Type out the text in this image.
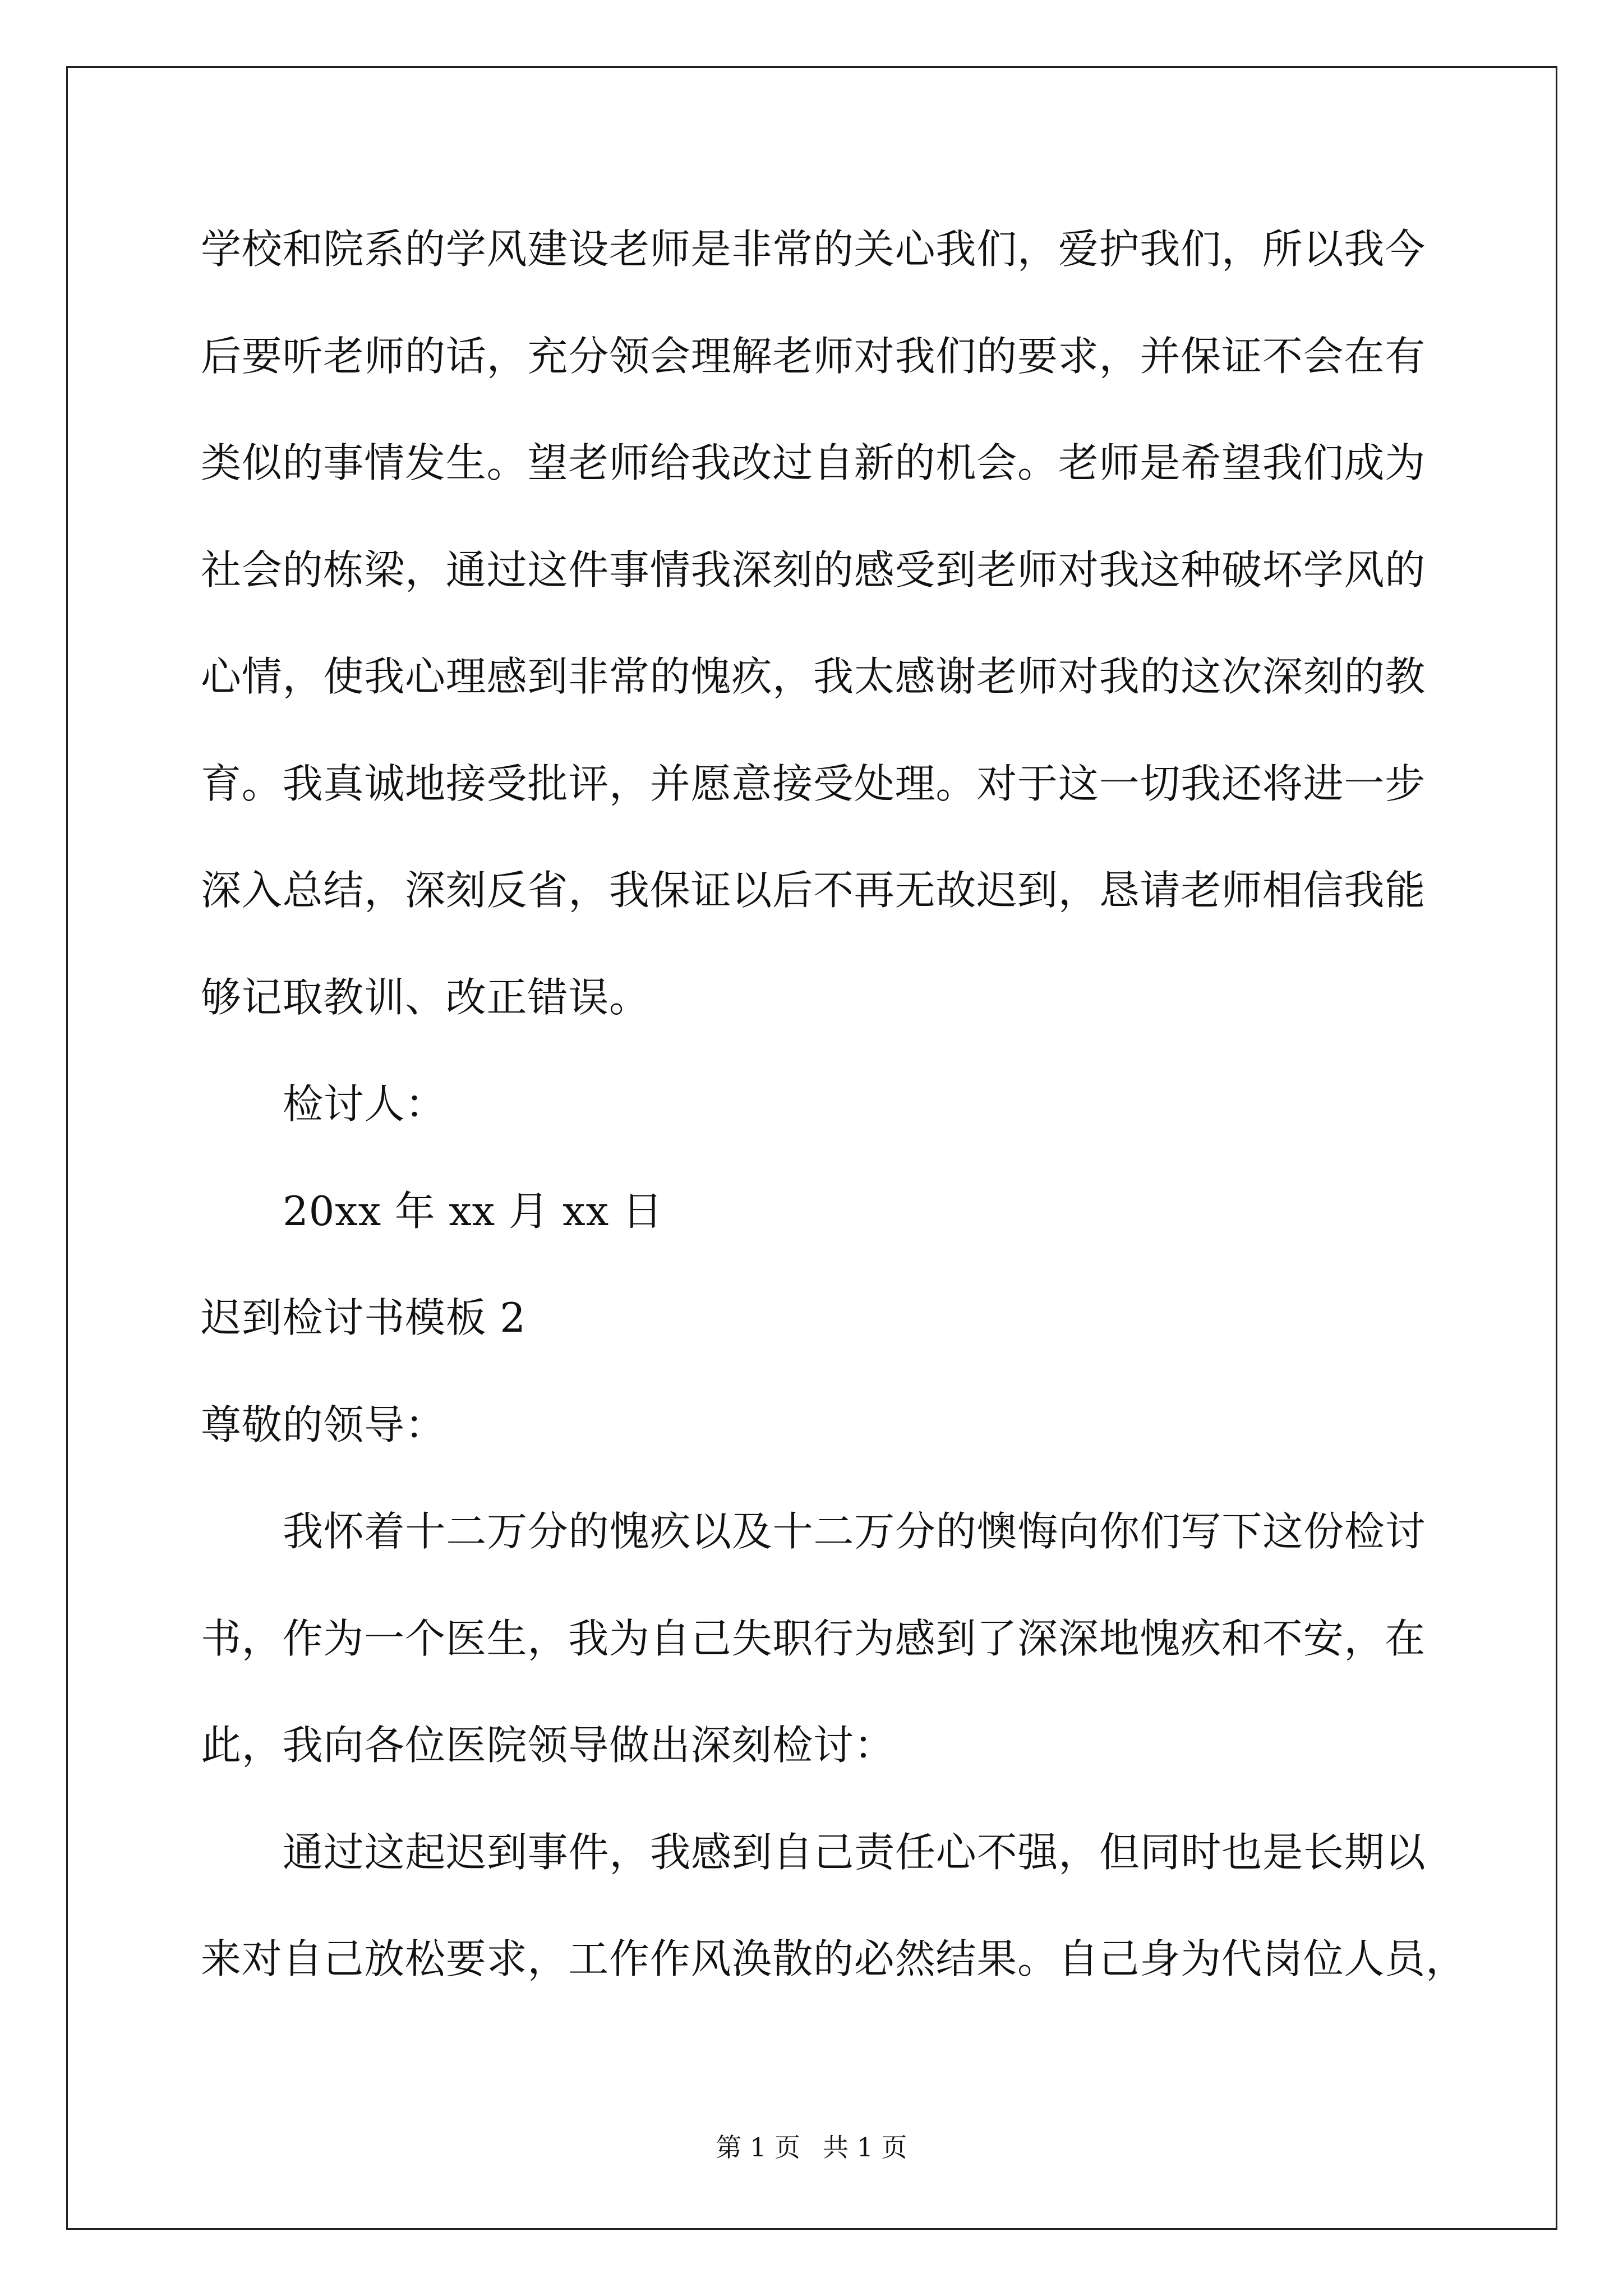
学校和院系的学风建设老师是非常的关心我们，爱护我们，所以我今
后要听老师的话，充分领会理解老师对我们的要求，并保证不会在有
类似的事情发生。望老师给我改过自新的机会。老师是希望我们成为
社会的栋梁，通过这件事情我深刻的感受到老师对我这种破坏学风的
心情，使我心理感到非常的愧疚，我太感谢老师对我的这次深刻的教
育。我真诚地接受批评，并愿意接受处理。对于这一切我还将进一步
深入总结，深刻反省，我保证以后不再无故迟到，恳请老师相信我能
够记取教训、改正错误。
检讨人：
20xx 年 xx 月 xx 日
迟到检讨书模板 2
尊敬的领导：
我怀着十二万分的愧疚以及十二万分的懊悔向你们写下这份检讨
书，作为一个医生，我为自己失职行为感到了深深地愧疚和不安，在
此，我向各位医院领导做出深刻检讨：
通过这起迟到事件，我感到自己责任心不强，但同时也是长期以
来对自己放松要求，工作作风涣散的必然结果。自己身为代岗位人员，
第 1 页 共 1 页
